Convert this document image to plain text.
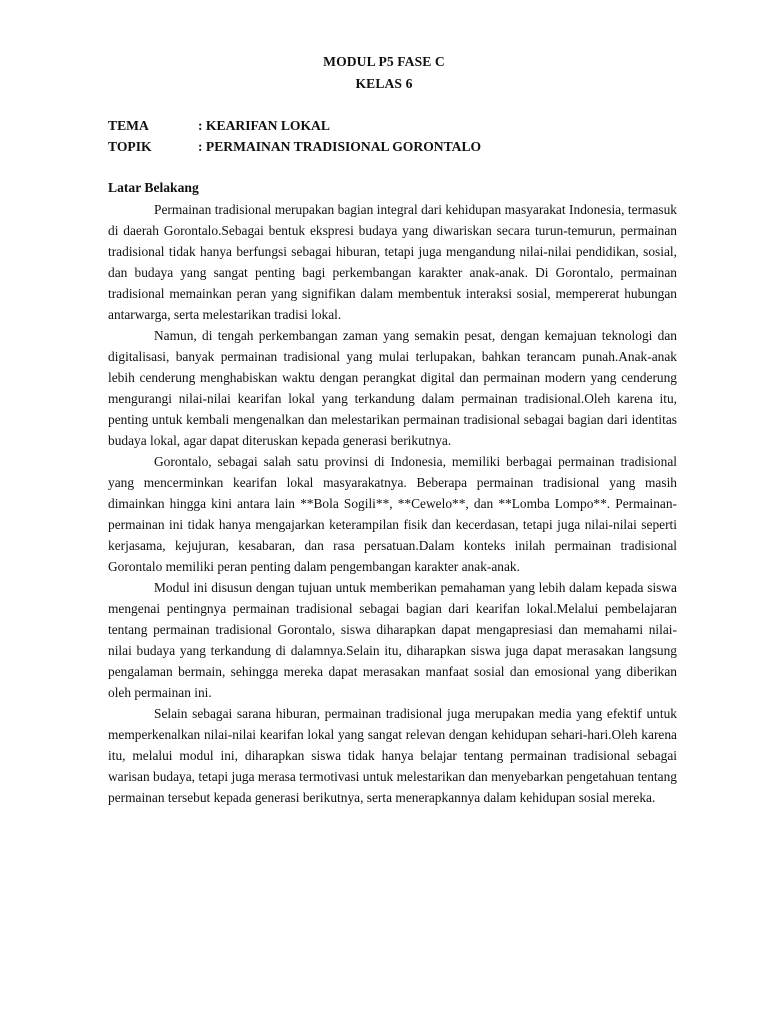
MODUL P5 FASE C
KELAS 6
TEMA	: KEARIFAN LOKAL
TOPIK	: PERMAINAN TRADISIONAL GORONTALO
Latar Belakang

Permainan tradisional merupakan bagian integral dari kehidupan masyarakat Indonesia, termasuk di daerah Gorontalo.Sebagai bentuk ekspresi budaya yang diwariskan secara turun-temurun, permainan tradisional tidak hanya berfungsi sebagai hiburan, tetapi juga mengandung nilai-nilai pendidikan, sosial, dan budaya yang sangat penting bagi perkembangan karakter anak-anak. Di Gorontalo, permainan tradisional memainkan peran yang signifikan dalam membentuk interaksi sosial, mempererat hubungan antarwarga, serta melestarikan tradisi lokal.

Namun, di tengah perkembangan zaman yang semakin pesat, dengan kemajuan teknologi dan digitalisasi, banyak permainan tradisional yang mulai terlupakan, bahkan terancam punah.Anak-anak lebih cenderung menghabiskan waktu dengan perangkat digital dan permainan modern yang cenderung mengurangi nilai-nilai kearifan lokal yang terkandung dalam permainan tradisional.Oleh karena itu, penting untuk kembali mengenalkan dan melestarikan permainan tradisional sebagai bagian dari identitas budaya lokal, agar dapat diteruskan kepada generasi berikutnya.

Gorontalo, sebagai salah satu provinsi di Indonesia, memiliki berbagai permainan tradisional yang mencerminkan kearifan lokal masyarakatnya. Beberapa permainan tradisional yang masih dimainkan hingga kini antara lain **Bola Sogili**, **Cewelo**, dan **Lomba Lompo**. Permainan-permainan ini tidak hanya mengajarkan keterampilan fisik dan kecerdasan, tetapi juga nilai-nilai seperti kerjasama, kejujuran, kesabaran, dan rasa persatuan.Dalam konteks inilah permainan tradisional Gorontalo memiliki peran penting dalam pengembangan karakter anak-anak.

Modul ini disusun dengan tujuan untuk memberikan pemahaman yang lebih dalam kepada siswa mengenai pentingnya permainan tradisional sebagai bagian dari kearifan lokal.Melalui pembelajaran tentang permainan tradisional Gorontalo, siswa diharapkan dapat mengapresiasi dan memahami nilai-nilai budaya yang terkandung di dalamnya.Selain itu, diharapkan siswa juga dapat merasakan langsung pengalaman bermain, sehingga mereka dapat merasakan manfaat sosial dan emosional yang diberikan oleh permainan ini.

Selain sebagai sarana hiburan, permainan tradisional juga merupakan media yang efektif untuk memperkenalkan nilai-nilai kearifan lokal yang sangat relevan dengan kehidupan sehari-hari.Oleh karena itu, melalui modul ini, diharapkan siswa tidak hanya belajar tentang permainan tradisional sebagai warisan budaya, tetapi juga merasa termotivasi untuk melestarikan dan menyebarkan pengetahuan tentang permainan tersebut kepada generasi berikutnya, serta menerapkannya dalam kehidupan sosial mereka.
